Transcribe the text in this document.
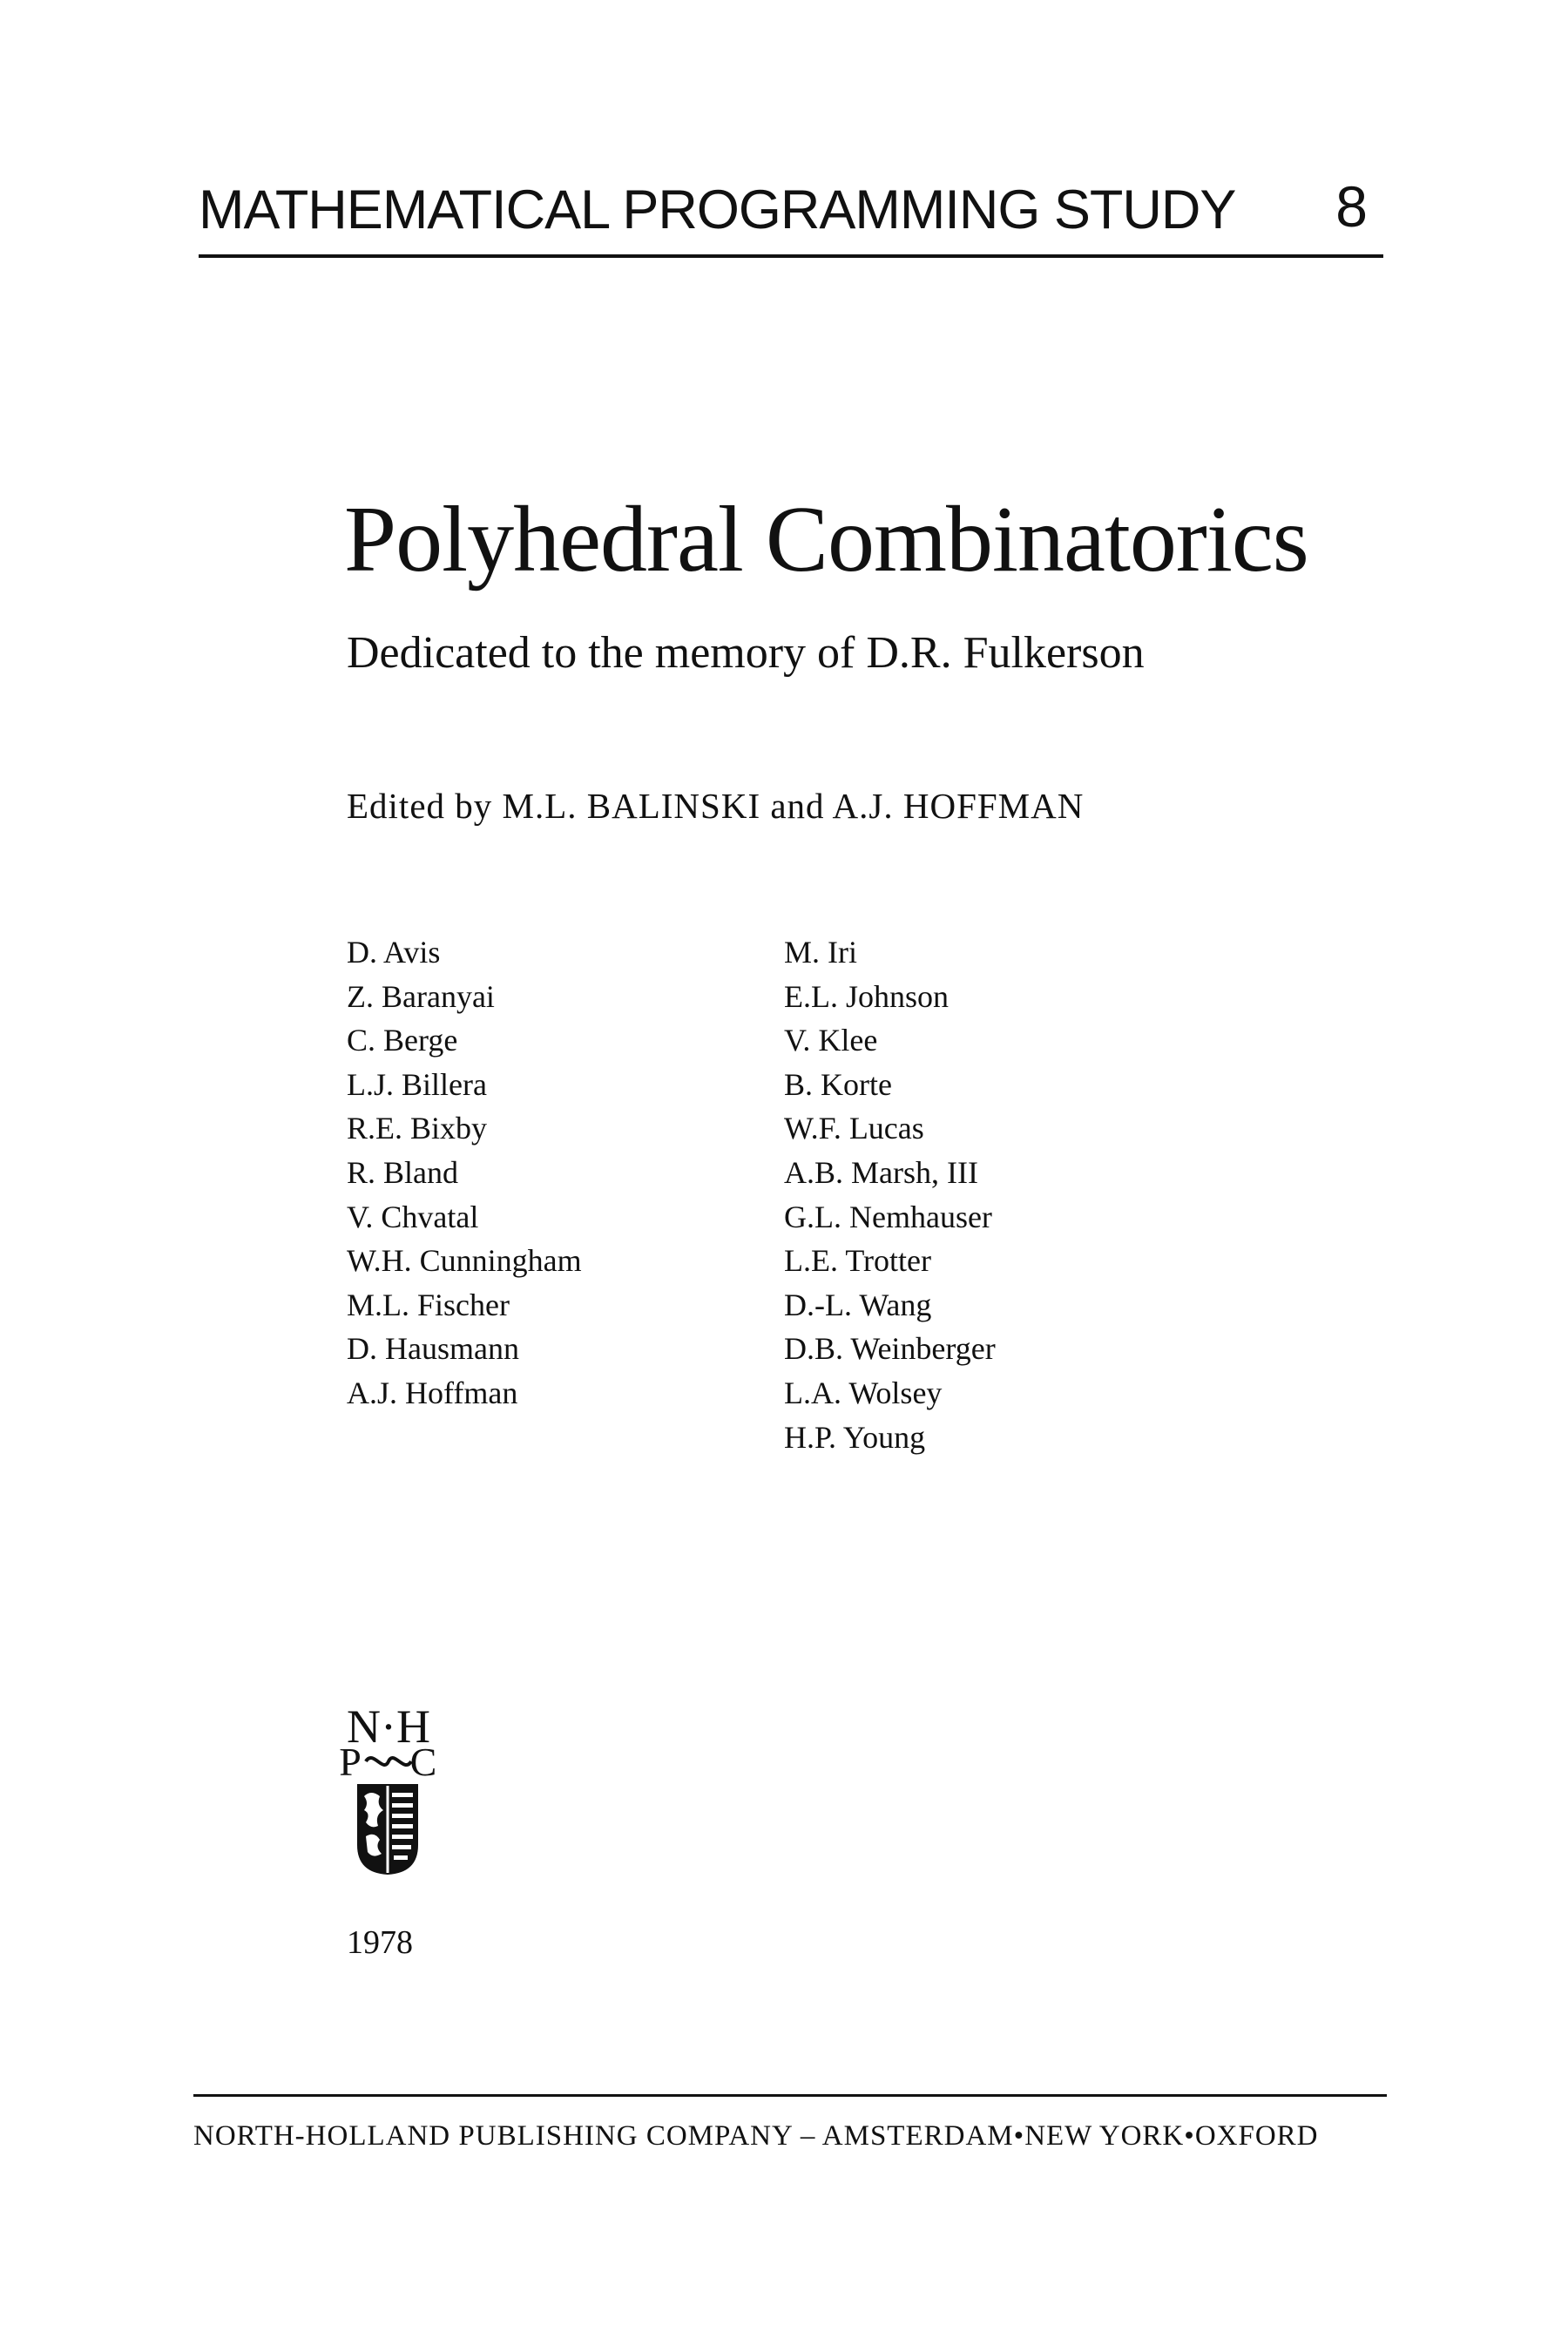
MATHEMATICAL PROGRAMMING STUDY 8
Polyhedral Combinatorics
Dedicated to the memory of D.R. Fulkerson
Edited by M.L. BALINSKI and A.J. HOFFMAN
D. Avis
Z. Baranyai
C. Berge
L.J. Billera
R.E. Bixby
R. Bland
V. Chvatal
W.H. Cunningham
M.L. Fischer
D. Hausmann
A.J. Hoffman
M. Iri
E.L. Johnson
V. Klee
B. Korte
W.F. Lucas
A.B. Marsh, III
G.L. Nemhauser
L.E. Trotter
D.-L. Wang
D.B. Weinberger
L.A. Wolsey
H.P. Young
N·H
P C
1978
NORTH-HOLLAND PUBLISHING COMPANY – AMSTERDAM•NEW YORK•OXFORD
